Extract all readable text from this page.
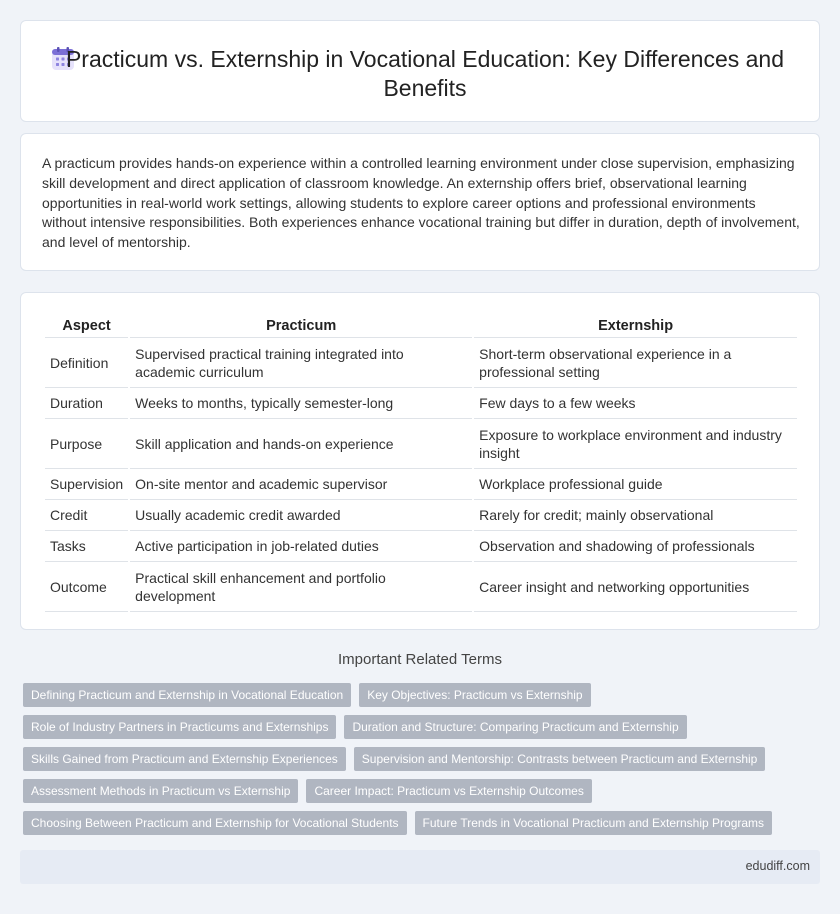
Practicum vs. Externship in Vocational Education: Key Differences and Benefits

A practicum provides hands-on experience within a controlled learning environment under close supervision, emphasizing skill development and direct application of classroom knowledge. An externship offers brief, observational learning opportunities in real-world work settings, allowing students to explore career options and professional environments without intensive responsibilities. Both experiences enhance vocational training but differ in duration, depth of involvement, and level of mentorship.

Aspect	Practicum	Externship
Definition	Supervised practical training integrated into academic curriculum	Short-term observational experience in a professional setting
Duration	Weeks to months, typically semester-long	Few days to a few weeks
Purpose	Skill application and hands-on experience	Exposure to workplace environment and industry insight
Supervision	On-site mentor and academic supervisor	Workplace professional guide
Credit	Usually academic credit awarded	Rarely for credit; mainly observational
Tasks	Active participation in job-related duties	Observation and shadowing of professionals
Outcome	Practical skill enhancement and portfolio development	Career insight and networking opportunities
Important Related Terms
Defining Practicum and Externship in Vocational Education	Key Objectives: Practicum vs Externship
Role of Industry Partners in Practicums and Externships	Duration and Structure: Comparing Practicum and Externship
Skills Gained from Practicum and Externship Experiences	Supervision and Mentorship: Contrasts between Practicum and Externship
Assessment Methods in Practicum vs Externship	Career Impact: Practicum vs Externship Outcomes
Choosing Between Practicum and Externship for Vocational Students	Future Trends in Vocational Practicum and Externship Programs
edudiff.com
